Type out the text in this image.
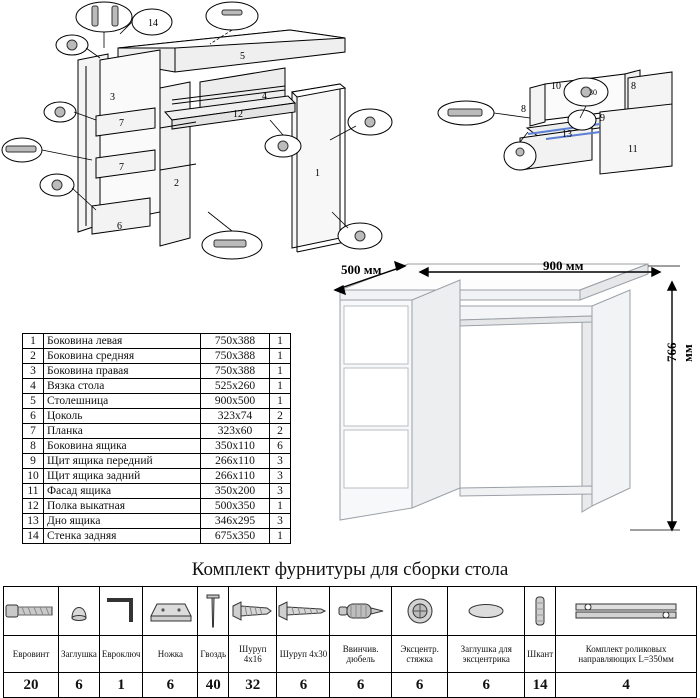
14
5
3	4
7
12
1
7
6
2
10
8
8
9
13
11
30
1	Боковина левая	750x388	1
2	Боковина средняя	750x388	1
3	Боковина правая	750x388	1
4	Вязка стола	525x260	1
5	Столешница	900x500	1
6	Цоколь	323x74	2
7	Планка	323x60	2
8	Боковина ящика	350x110	6
9	Щит ящика передний	266x110	3
10	Щит ящика задний	266x110	3
11	Фасад ящика	350x200	3
12	Полка выкатная	500x350	1
13	Дно ящика	346x295	3
14	Стенка задняя	675x350	1
900 мм
500 мм
766 мм
Комплект фурнитуры для сборки стола

Евровинт	Заглушка	Евроключ	Ножка	Гвоздь	Шуруп 4x16	Шуруп 4x30	Ввинчив. дюбель	Эксцентр. стяжка	Заглушка для эксцентрика	Шкант	Комплект роликовых направляющих L=350мм
20	6	1	6	40	32	6	6	6	6	14	4
